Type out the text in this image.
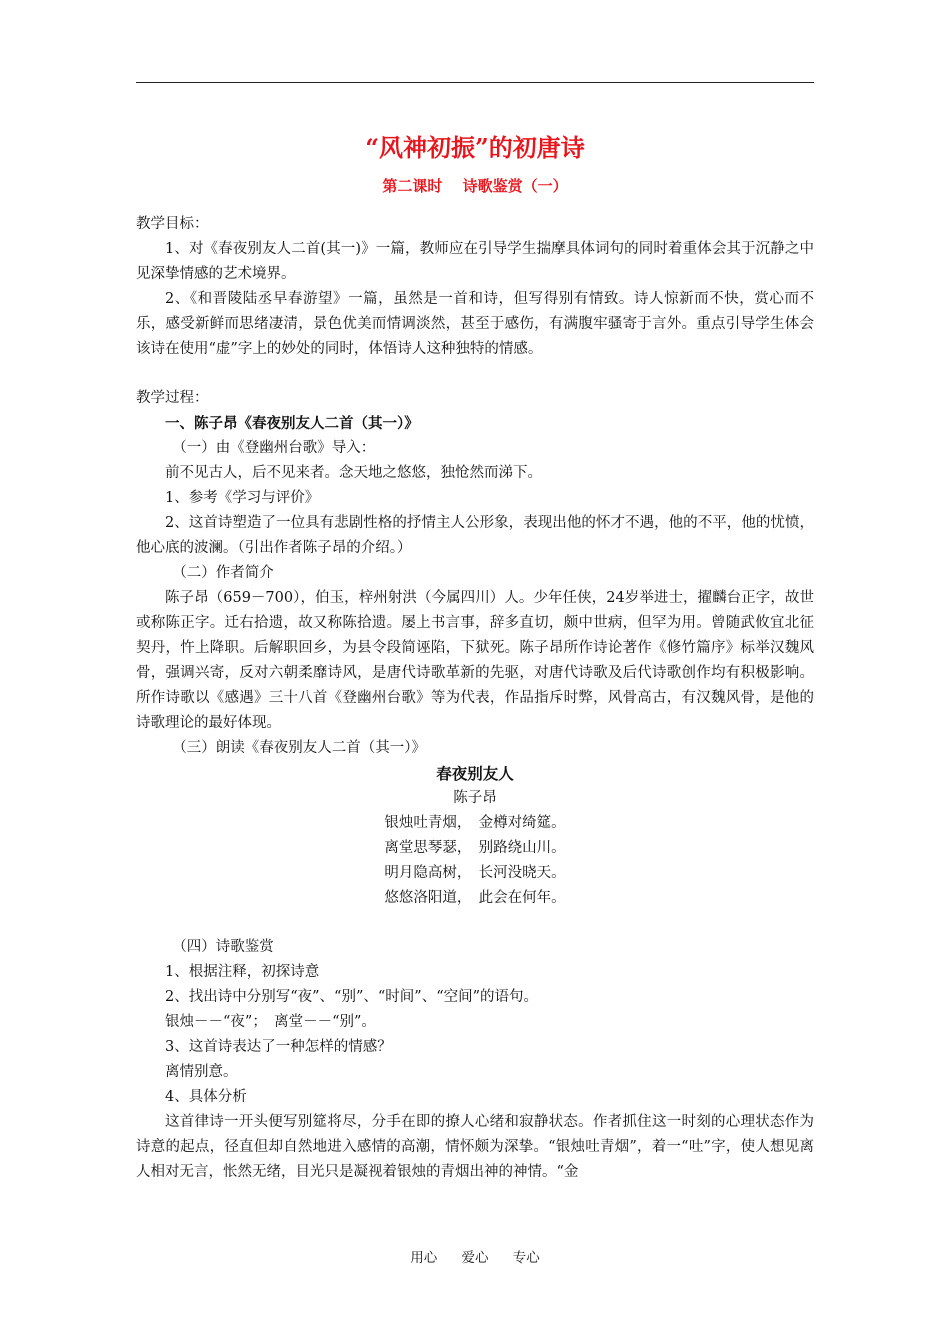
“风神初振”的初唐诗
第二课时　 诗歌鉴赏（一）

教学目标：

1、对《春夜别友人二首(其一)》一篇，教师应在引导学生揣摩具体词句的同时着重体会其于沉静之中见深挚情感的艺术境界。

2、《和晋陵陆丞早春游望》一篇，虽然是一首和诗，但写得别有情致。诗人惊新而不快，赏心而不乐，感受新鲜而思绪凄清，景色优美而情调淡然，甚至于感伤，有满腹牢骚寄于言外。重点引导学生体会该诗在使用“虚”字上的妙处的同时，体悟诗人这种独特的情感。

教学过程：

一、陈子昂《春夜别友人二首（其一）》

（一）由《登幽州台歌》导入：

前不见古人，后不见来者。念天地之悠悠，独怆然而涕下。

1、参考《学习与评价》

2、这首诗塑造了一位具有悲剧性格的抒情主人公形象，表现出他的怀才不遇，他的不平，他的忧愤，他心底的波澜。（引出作者陈子昂的介绍。）

（二）作者简介

陈子昂（659－700），伯玉，梓州射洪（今属四川）人。少年任侠，24岁举进士，擢麟台正字，故世或称陈正字。迁右拾遗，故又称陈拾遗。屡上书言事，辞多直切，颇中世病，但罕为用。曾随武攸宜北征契丹，忤上降职。后解职回乡，为县令段简诬陷，下狱死。陈子昂所作诗论著作《修竹篇序》标举汉魏风骨，强调兴寄，反对六朝柔靡诗风，是唐代诗歌革新的先驱，对唐代诗歌及后代诗歌创作均有积极影响。所作诗歌以《感遇》三十八首《登幽州台歌》等为代表，作品指斥时弊，风骨高古，有汉魏风骨，是他的诗歌理论的最好体现。

（三）朗读《春夜别友人二首（其一）》

春夜别友人

陈子昂

银烛吐青烟，　金樽对绮筵。

离堂思琴瑟，　别路绕山川。

明月隐高树，　长河没晓天。

悠悠洛阳道，　此会在何年。

（四）诗歌鉴赏

1、根据注释，初探诗意

2、找出诗中分别写“夜”、“别”、“时间”、“空间”的语句。

银烛－－“夜”；　离堂－－“别”。

3、这首诗表达了一种怎样的情感？

离情别意。

4、具体分析

这首律诗一开头便写别筵将尽，分手在即的撩人心绪和寂静状态。作者抓住这一时刻的心理状态作为诗意的起点，径直但却自然地进入感情的高潮，情怀颇为深挚。“银烛吐青烟”，着一“吐”字，使人想见离人相对无言，怅然无绪，目光只是凝视着银烛的青烟出神的神情。“金

用心 爱心 专心
